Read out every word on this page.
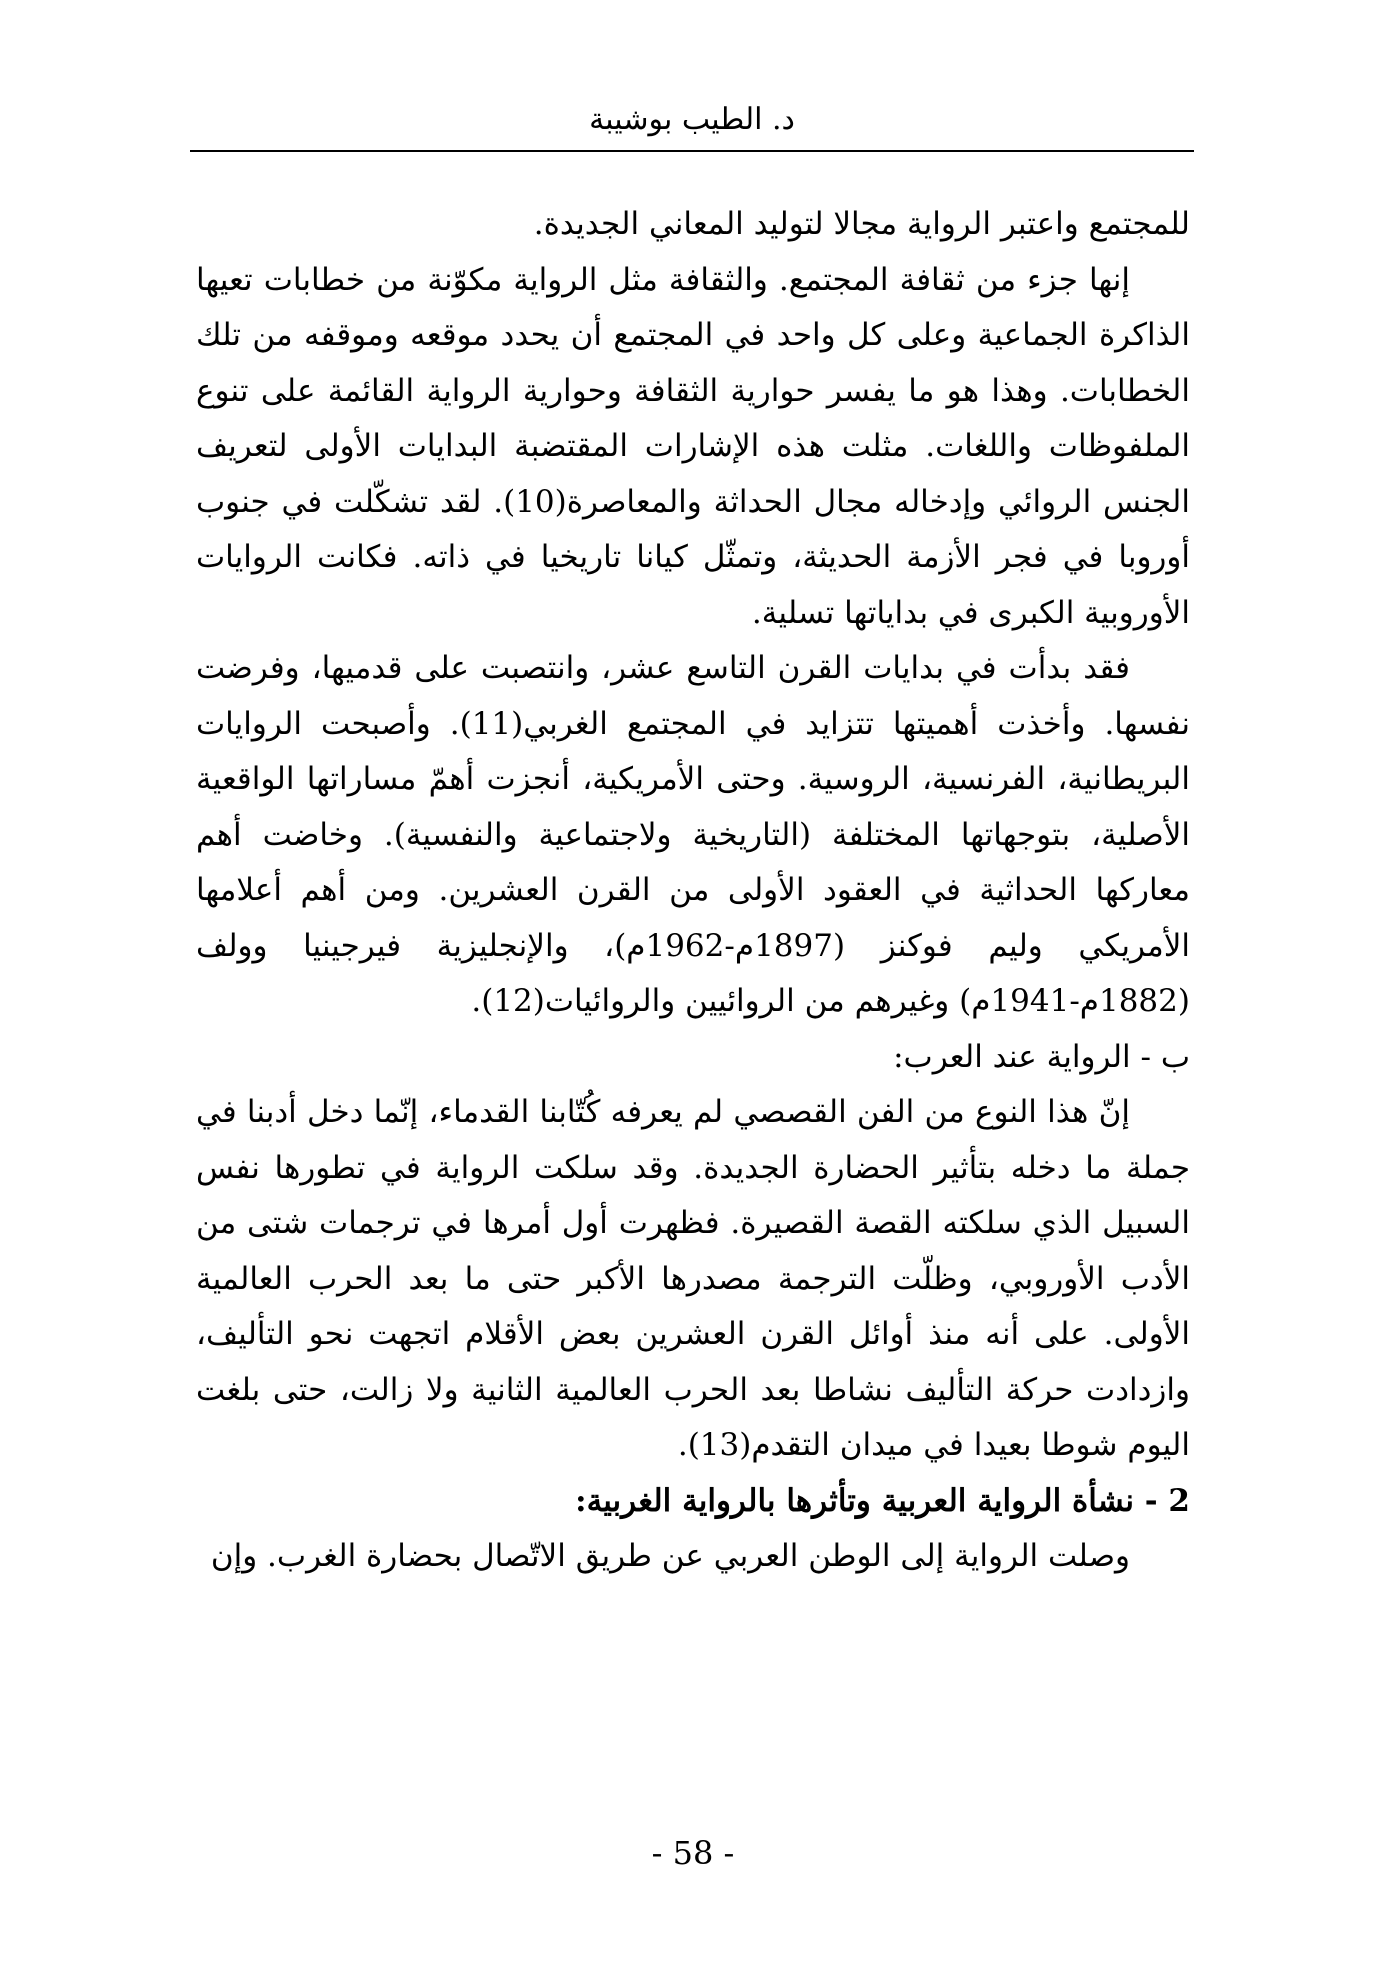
د. الطيب بوشيبة

للمجتمع واعتبر الرواية مجالا لتوليد المعاني الجديدة.

إنها جزء من ثقافة المجتمع. والثقافة مثل الرواية مكوّنة من خطابات تعيها الذاكرة الجماعية وعلى كل واحد في المجتمع أن يحدد موقعه وموقفه من تلك الخطابات. وهذا هو ما يفسر حوارية الثقافة وحوارية الرواية القائمة على تنوع الملفوظات واللغات. مثلت هذه الإشارات المقتضبة البدايات الأولى لتعريف الجنس الروائي وإدخاله مجال الحداثة والمعاصرة(10). لقد تشكّلت في جنوب أوروبا في فجر الأزمة الحديثة، وتمثّل كيانا تاريخيا في ذاته. فكانت الروايات الأوروبية الكبرى في بداياتها تسلية.

فقد بدأت في بدايات القرن التاسع عشر، وانتصبت على قدميها، وفرضت نفسها. وأخذت أهميتها تتزايد في المجتمع الغربي(11). وأصبحت الروايات البريطانية، الفرنسية، الروسية. وحتى الأمريكية، أنجزت أهمّ مساراتها الواقعية الأصلية، بتوجهاتها المختلفة (التاريخية ولاجتماعية والنفسية). وخاضت أهم معاركها الحداثية في العقود الأولى من القرن العشرين. ومن أهم أعلامها الأمريكي وليم فوكنز (1897م-1962م)، والإنجليزية فيرجينيا وولف (1882م-1941م) وغيرهم من الروائيين والروائيات(12).

ب - الرواية عند العرب:

إنّ هذا النوع من الفن القصصي لم يعرفه كُتّابنا القدماء، إنّما دخل أدبنا في جملة ما دخله بتأثير الحضارة الجديدة. وقد سلكت الرواية في تطورها نفس السبيل الذي سلكته القصة القصيرة. فظهرت أول أمرها في ترجمات شتى من الأدب الأوروبي، وظلّت الترجمة مصدرها الأكبر حتى ما بعد الحرب العالمية الأولى. على أنه منذ أوائل القرن العشرين بعض الأقلام اتجهت نحو التأليف، وازدادت حركة التأليف نشاطا بعد الحرب العالمية الثانية ولا زالت، حتى بلغت اليوم شوطا بعيدا في ميدان التقدم(13).

2 - نشأة الرواية العربية وتأثرها بالرواية الغربية:

وصلت الرواية إلى الوطن العربي عن طريق الاتّصال بحضارة الغرب. وإن

- 58 -
